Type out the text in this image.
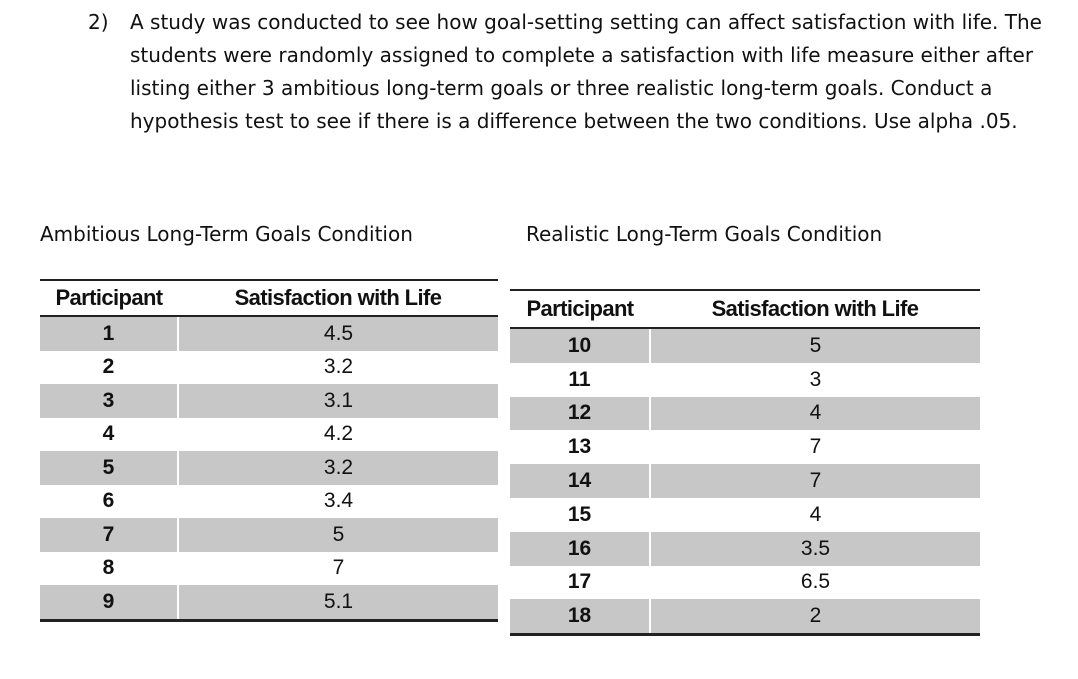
2) A study was conducted to see how goal-setting setting can affect satisfaction with life. The students were randomly assigned to complete a satisfaction with life measure either after listing either 3 ambitious long-term goals or three realistic long-term goals. Conduct a hypothesis test to see if there is a difference between the two conditions. Use alpha .05.
Ambitious Long-Term Goals Condition	Realistic Long-Term Goals Condition
Participant	Satisfaction with Life
1	4.5
2	3.2
3	3.1
4	4.2
5	3.2
6	3.4
7	5
8	7
9	5.1
Participant	Satisfaction with Life
10	5
11	3
12	4
13	7
14	7
15	4
16	3.5
17	6.5
18	2
